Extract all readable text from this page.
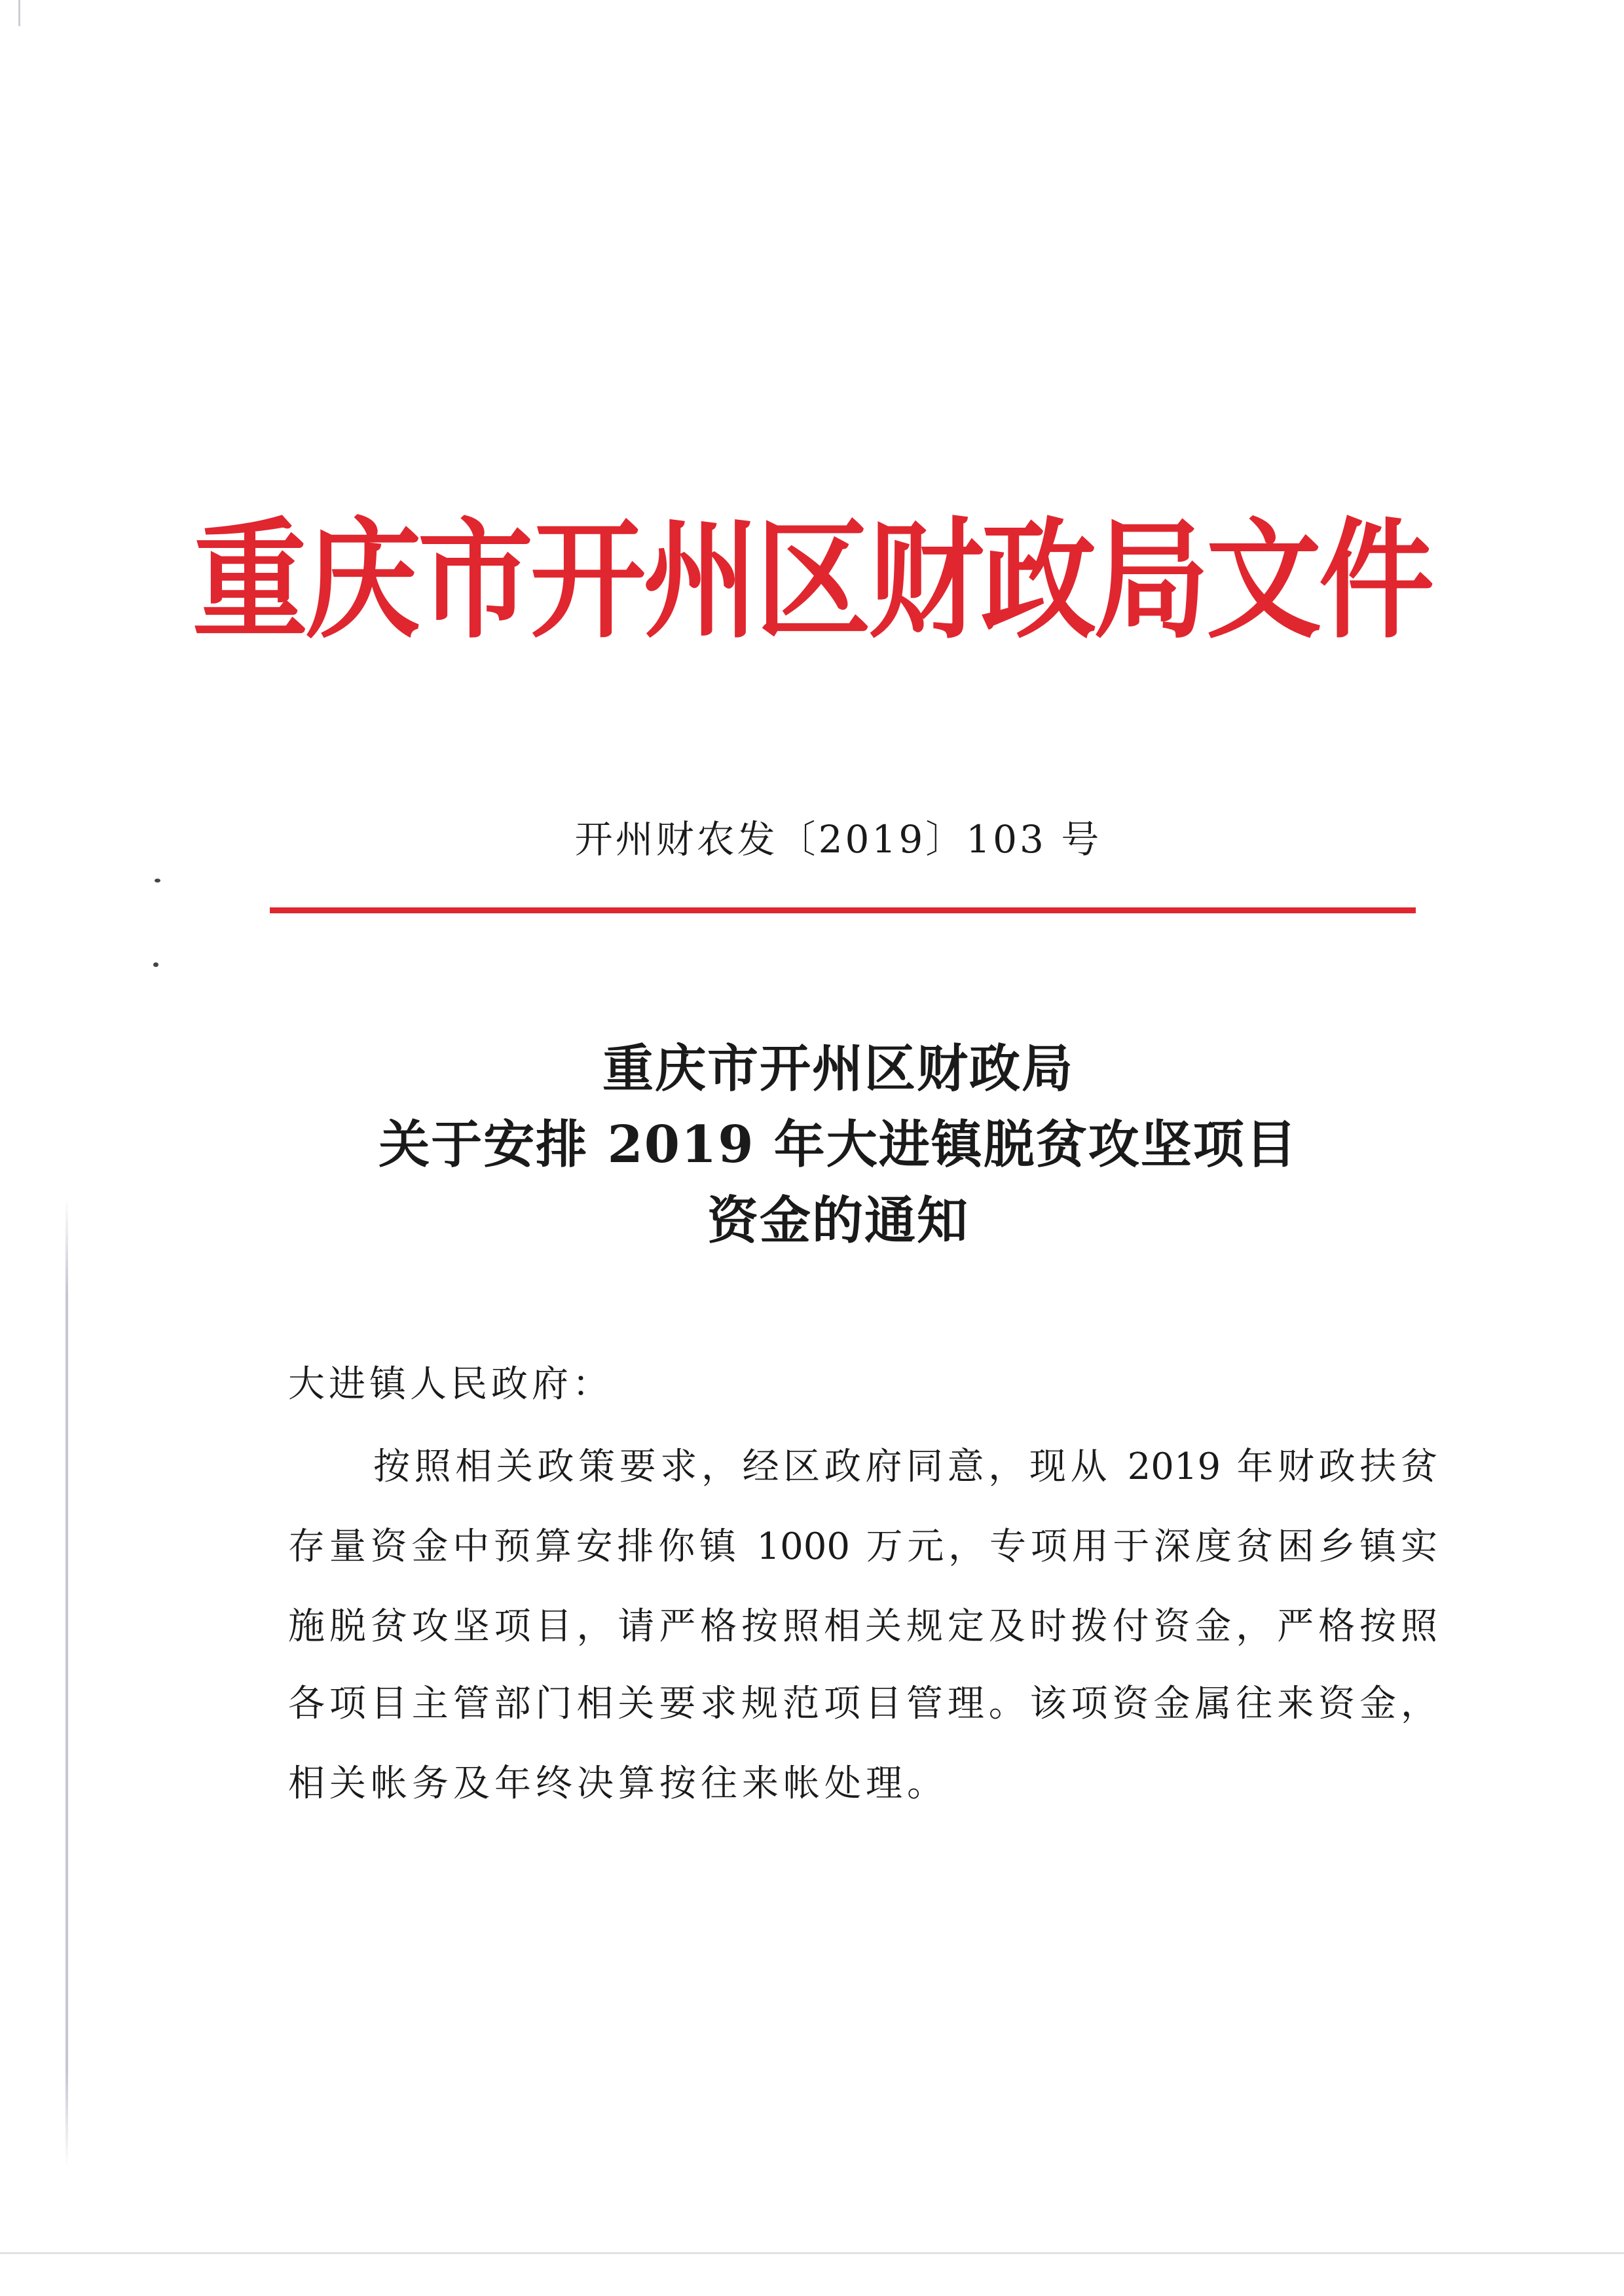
重庆市开州区财政局文件
开州财农发〔2019〕103 号
重庆市开州区财政局
关于安排 2019 年大进镇脱贫攻坚项目
资金的通知
大进镇人民政府：
按照相关政策要求，经区政府同意，现从 2019 年财政扶贫
存量资金中预算安排你镇 1000 万元，专项用于深度贫困乡镇实
施脱贫攻坚项目，请严格按照相关规定及时拨付资金，严格按照
各项目主管部门相关要求规范项目管理。该项资金属往来资金，
相关帐务及年终决算按往来帐处理。
